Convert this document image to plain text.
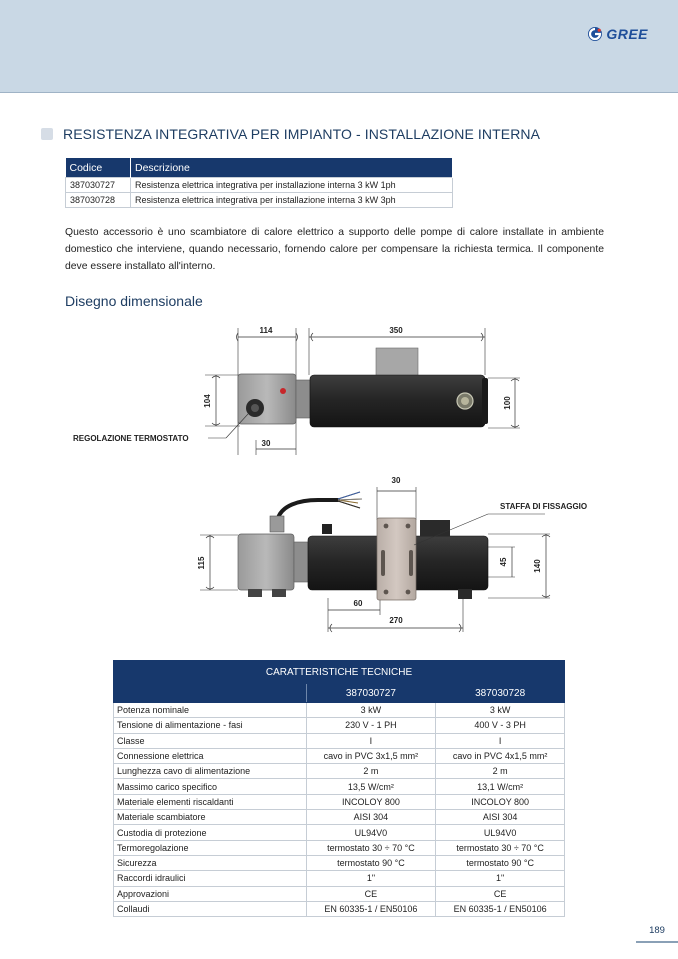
GREE
RESISTENZA INTEGRATIVA PER IMPIANTO - INSTALLAZIONE INTERNA
Codice	Descrizione
387030727	Resistenza elettrica integrativa per installazione interna 3 kW 1ph
387030728	Resistenza elettrica integrativa per installazione interna 3 kW 3ph

Questo accessorio è uno scambiatore di calore elettrico a supporto delle pompe di calore installate in ambiente domestico che interviene, quando necessario, fornendo calore per compensare la richiesta termica. Il componente deve essere installato all'interno.

Disegno dimensionale
114	350
104	100
30
REGOLAZIONE TERMOSTATO
30
115	45	140
60
270
STAFFA DI FISSAGGIO
CARATTERISTICHE TECNICHE		
	387030727	387030728
Potenza nominale	3 kW	3 kW
Tensione di alimentazione - fasi	230 V - 1 PH	400 V - 3 PH
Classe	I	I
Connessione elettrica	cavo in PVC 3x1,5 mm²	cavo in PVC 4x1,5 mm²
Lunghezza cavo di alimentazione	2 m	2 m
Massimo carico specifico	13,5 W/cm²	13,1 W/cm²
Materiale elementi riscaldanti	INCOLOY 800	INCOLOY 800
Materiale scambiatore	AISI 304	AISI 304
Custodia di protezione	UL94V0	UL94V0
Termoregolazione	termostato 30 ÷ 70 °C	termostato 30 ÷ 70 °C
Sicurezza	termostato 90 °C	termostato 90 °C
Raccordi idraulici	1"	1"
Approvazioni	CE	CE
Collaudi	EN 60335-1 / EN50106	EN 60335-1 / EN50106
189
